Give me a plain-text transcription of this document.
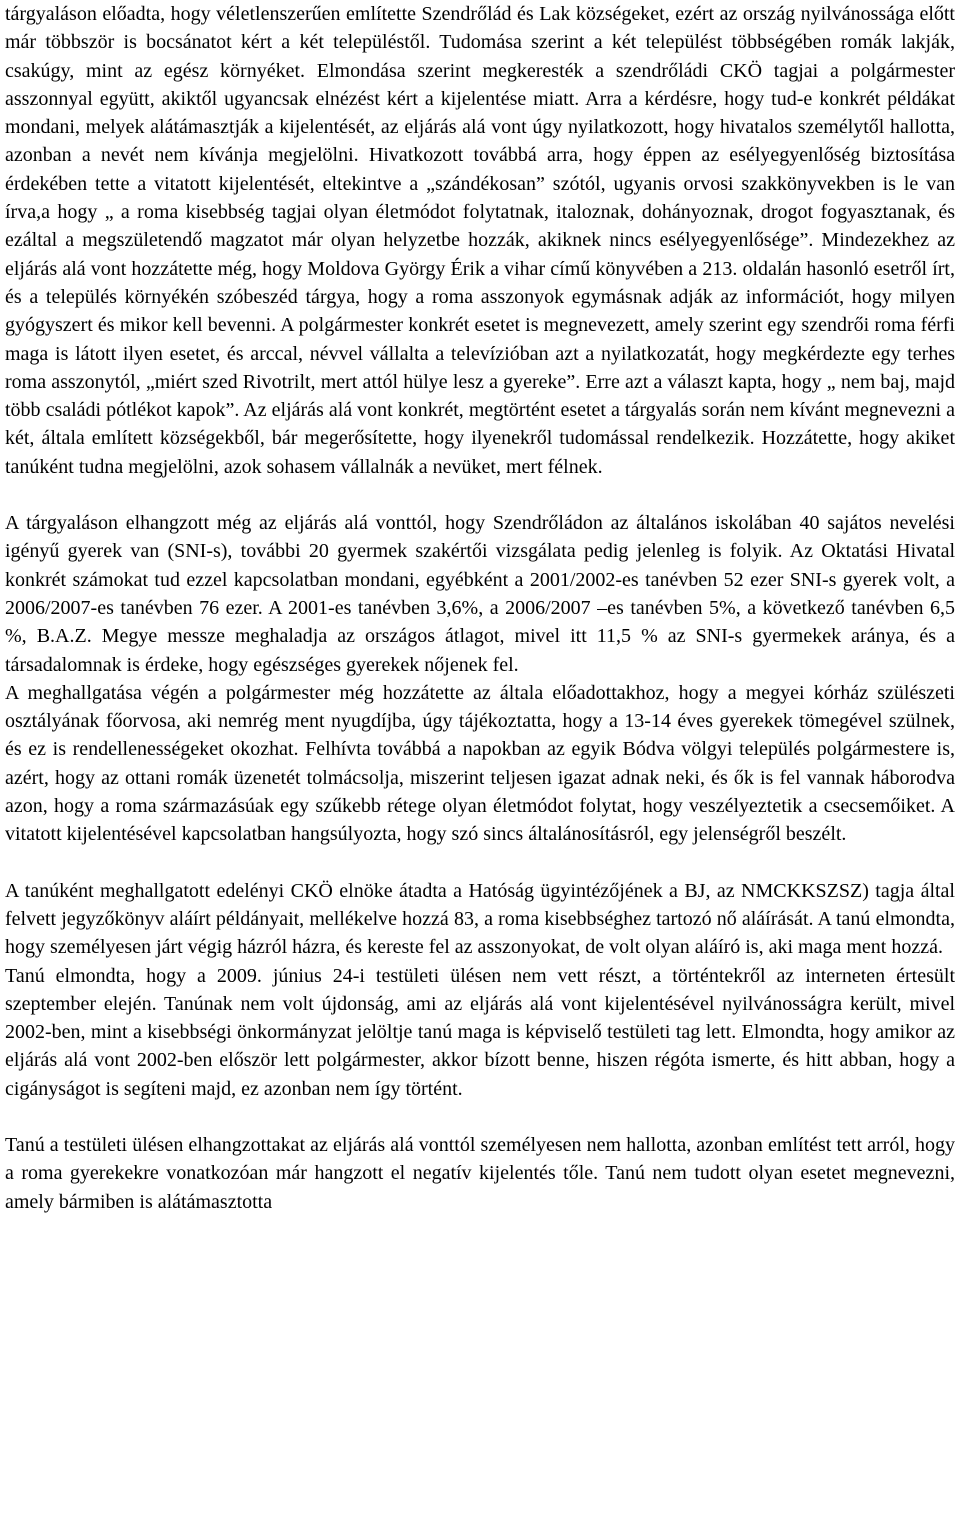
tárgyaláson előadta, hogy véletlenszerűen említette Szendrőlád és Lak községeket, ezért az ország nyilvánossága előtt már többször is bocsánatot kért a két településtől. Tudomása szerint a két települést többségében romák lakják, csakúgy, mint az egész környéket. Elmondása szerint megkeresték a szendrőládi CKÖ tagjai a polgármester asszonnyal együtt, akiktől ugyancsak elnézést kért a kijelentése miatt. Arra a kérdésre, hogy tud-e konkrét példákat mondani, melyek alátámasztják a kijelentését, az eljárás alá vont úgy nyilatkozott, hogy hivatalos személytől hallotta, azonban a nevét nem kívánja megjelölni. Hivatkozott továbbá arra, hogy éppen az esélyegyenlőség biztosítása érdekében tette a vitatott kijelentését, eltekintve a „szándékosan” szótól, ugyanis orvosi szakkönyvekben is le van írva,a hogy „ a roma kisebbség tagjai olyan életmódot folytatnak, italoznak, dohányoznak, drogot fogyasztanak, és ezáltal a megszületendő magzatot már olyan helyzetbe hozzák, akiknek nincs esélyegyenlősége”. Mindezekhez az eljárás alá vont hozzátette még, hogy Moldova György Érik a vihar című könyvében a 213. oldalán hasonló esetről írt, és a település környékén szóbeszéd tárgya, hogy a roma asszonyok egymásnak adják az információt, hogy milyen gyógyszert és mikor kell bevenni. A polgármester konkrét esetet is megnevezett, amely szerint egy szendrői roma férfi maga is látott ilyen esetet, és arccal, névvel vállalta a televízióban azt a nyilatkozatát, hogy megkérdezte egy terhes roma asszonytól, „miért szed Rivotrilt, mert attól hülye lesz a gyereke”. Erre azt a választ kapta, hogy „ nem baj, majd több családi pótlékot kapok”. Az eljárás alá vont konkrét, megtörtént esetet a tárgyalás során nem kívánt megnevezni a két, általa említett községekből, bár megerősítette, hogy ilyenekről tudomással rendelkezik. Hozzátette, hogy akiket tanúként tudna megjelölni, azok sohasem vállalnák a nevüket, mert félnek.

A tárgyaláson elhangzott még az eljárás alá vonttól, hogy Szendrőládon az általános iskolában 40 sajátos nevelési igényű gyerek van (SNI-s), további 20 gyermek szakértői vizsgálata pedig jelenleg is folyik. Az Oktatási Hivatal konkrét számokat tud ezzel kapcsolatban mondani, egyébként a 2001/2002-es tanévben 52 ezer SNI-s gyerek volt, a 2006/2007-es tanévben 76 ezer. A 2001-es tanévben 3,6%, a 2006/2007 –es tanévben 5%, a következő tanévben 6,5 %, B.A.Z. Megye messze meghaladja az országos átlagot, mivel itt 11,5 % az SNI-s gyermekek aránya, és a társadalomnak is érdeke, hogy egészséges gyerekek nőjenek fel.

A meghallgatása végén a polgármester még hozzátette az általa előadottakhoz, hogy a megyei kórház szülészeti osztályának főorvosa, aki nemrég ment nyugdíjba, úgy tájékoztatta, hogy a 13-14 éves gyerekek tömegével szülnek, és ez is rendellenességeket okozhat. Felhívta továbbá a napokban az egyik Bódva völgyi település polgármestere is, azért, hogy az ottani romák üzenetét tolmácsolja, miszerint teljesen igazat adnak neki, és ők is fel vannak háborodva azon, hogy a roma származásúak egy szűkebb rétege olyan életmódot folytat, hogy veszélyeztetik a csecsemőiket. A vitatott kijelentésével kapcsolatban hangsúlyozta, hogy szó sincs általánosításról, egy jelenségről beszélt.

A tanúként meghallgatott edelényi CKÖ elnöke átadta a Hatóság ügyintézőjének a BJ, az NMCKKSZSZ) tagja által felvett jegyzőkönyv aláírt példányait, mellékelve hozzá 83, a roma kisebbséghez tartozó nő aláírását. A tanú elmondta, hogy személyesen járt végig házról házra, és kereste fel az asszonyokat, de volt olyan aláíró is, aki maga ment hozzá.

Tanú elmondta, hogy a 2009. június 24-i testületi ülésen nem vett részt, a történtekről az interneten értesült szeptember elején. Tanúnak nem volt újdonság, ami az eljárás alá vont kijelentésével nyilvánosságra került, mivel 2002-ben, mint a kisebbségi önkormányzat jelöltje tanú maga is képviselő testületi tag lett. Elmondta, hogy amikor az eljárás alá vont 2002-ben először lett polgármester, akkor bízott benne, hiszen régóta ismerte, és hitt abban, hogy a cigányságot is segíteni majd, ez azonban nem így történt.

Tanú a testületi ülésen elhangzottakat az eljárás alá vonttól személyesen nem hallotta, azonban említést tett arról, hogy a roma gyerekekre vonatkozóan már hangzott el negatív kijelentés tőle. Tanú nem tudott olyan esetet megnevezni, amely bármiben is alátámasztotta
